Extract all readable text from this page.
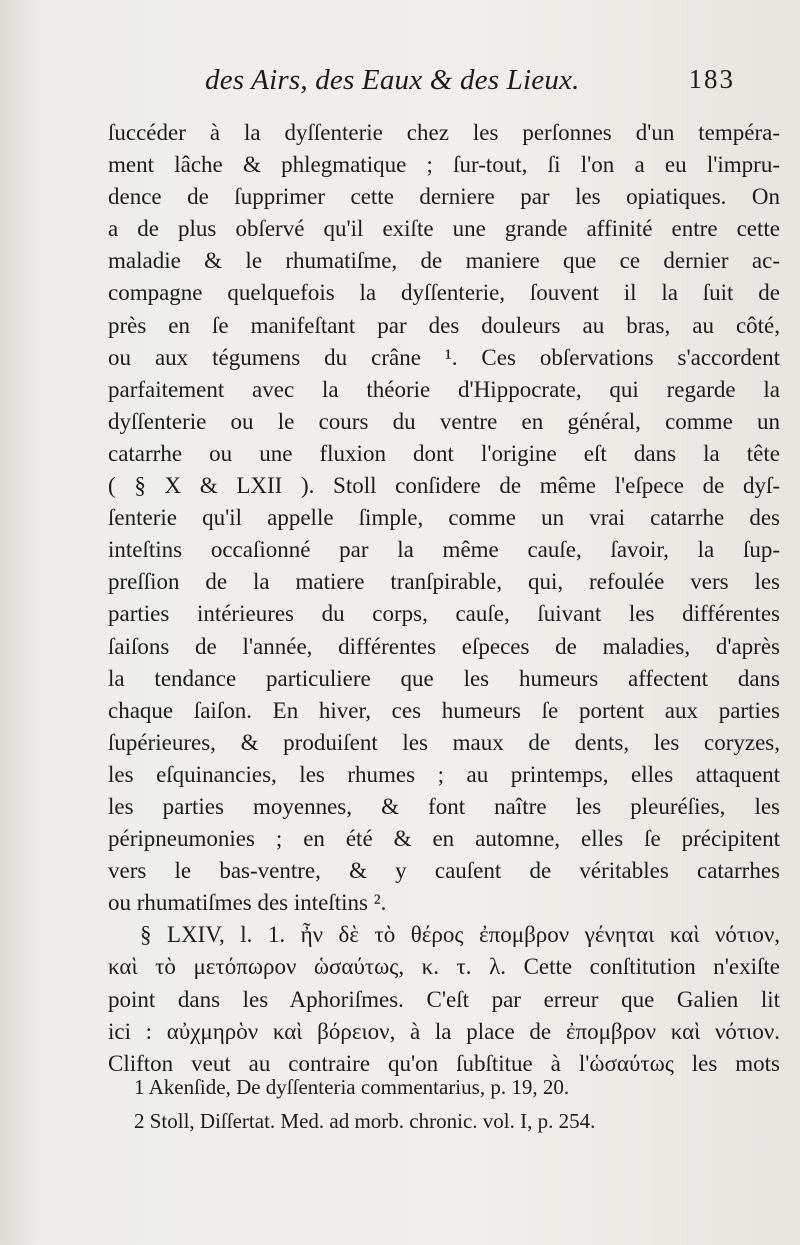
des Airs, des Eaux & des Lieux.	183
ſuccéder à la dyſſenterie chez les perſonnes d'un tempéra-
ment lâche & phlegmatique ; ſur-tout, ſi l'on a eu l'impru-
dence de ſupprimer cette derniere par les opiatiques. On
a de plus obſervé qu'il exiſte une grande affinité entre cette
maladie & le rhumatiſme, de maniere que ce dernier ac-
compagne quelquefois la dyſſenterie, ſouvent il la ſuit de
près en ſe manifeſtant par des douleurs au bras, au côté,
ou aux tégumens du crâne ¹. Ces obſervations s'accordent
parfaitement avec la théorie d'Hippocrate, qui regarde la
dyſſenterie ou le cours du ventre en général, comme un
catarrhe ou une fluxion dont l'origine eſt dans la tête
( § X & LXII ). Stoll conſidere de même l'eſpece de dyſ-
ſenterie qu'il appelle ſimple, comme un vrai catarrhe des
inteſtins occaſionné par la même cauſe, ſavoir, la ſup-
preſſion de la matiere tranſpirable, qui, refoulée vers les
parties intérieures du corps, cauſe, ſuivant les différentes
ſaiſons de l'année, différentes eſpeces de maladies, d'après
la tendance particuliere que les humeurs affectent dans
chaque ſaiſon. En hiver, ces humeurs ſe portent aux parties
ſupérieures, & produiſent les maux de dents, les coryzes,
les eſquinancies, les rhumes ; au printemps, elles attaquent
les parties moyennes, & font naître les pleuréſies, les
péripneumonies ; en été & en automne, elles ſe précipitent
vers le bas-ventre, & y cauſent de véritables catarrhes
ou rhumatiſmes des inteſtins ².
§ LXIV, l. 1. ἦν δὲ τὸ θέρος ἐπομβρον γένηται καὶ νότιον,
καὶ τὸ μετόπωρον ὡσαύτως, κ. τ. λ. Cette conſtitution n'exiſte
point dans les Aphoriſmes. C'eſt par erreur que Galien lit
ici : αὐχμηρὸν καὶ βόρειον, à la place de ἐπομβρον καὶ νότιον.
Clifton veut au contraire qu'on ſubſtitue à l'ὡσαύτως les mots
1 Akenſide, De dyſſenteria commentarius, p. 19, 20.
2 Stoll, Diſſertat. Med. ad morb. chronic. vol. I, p. 254.
